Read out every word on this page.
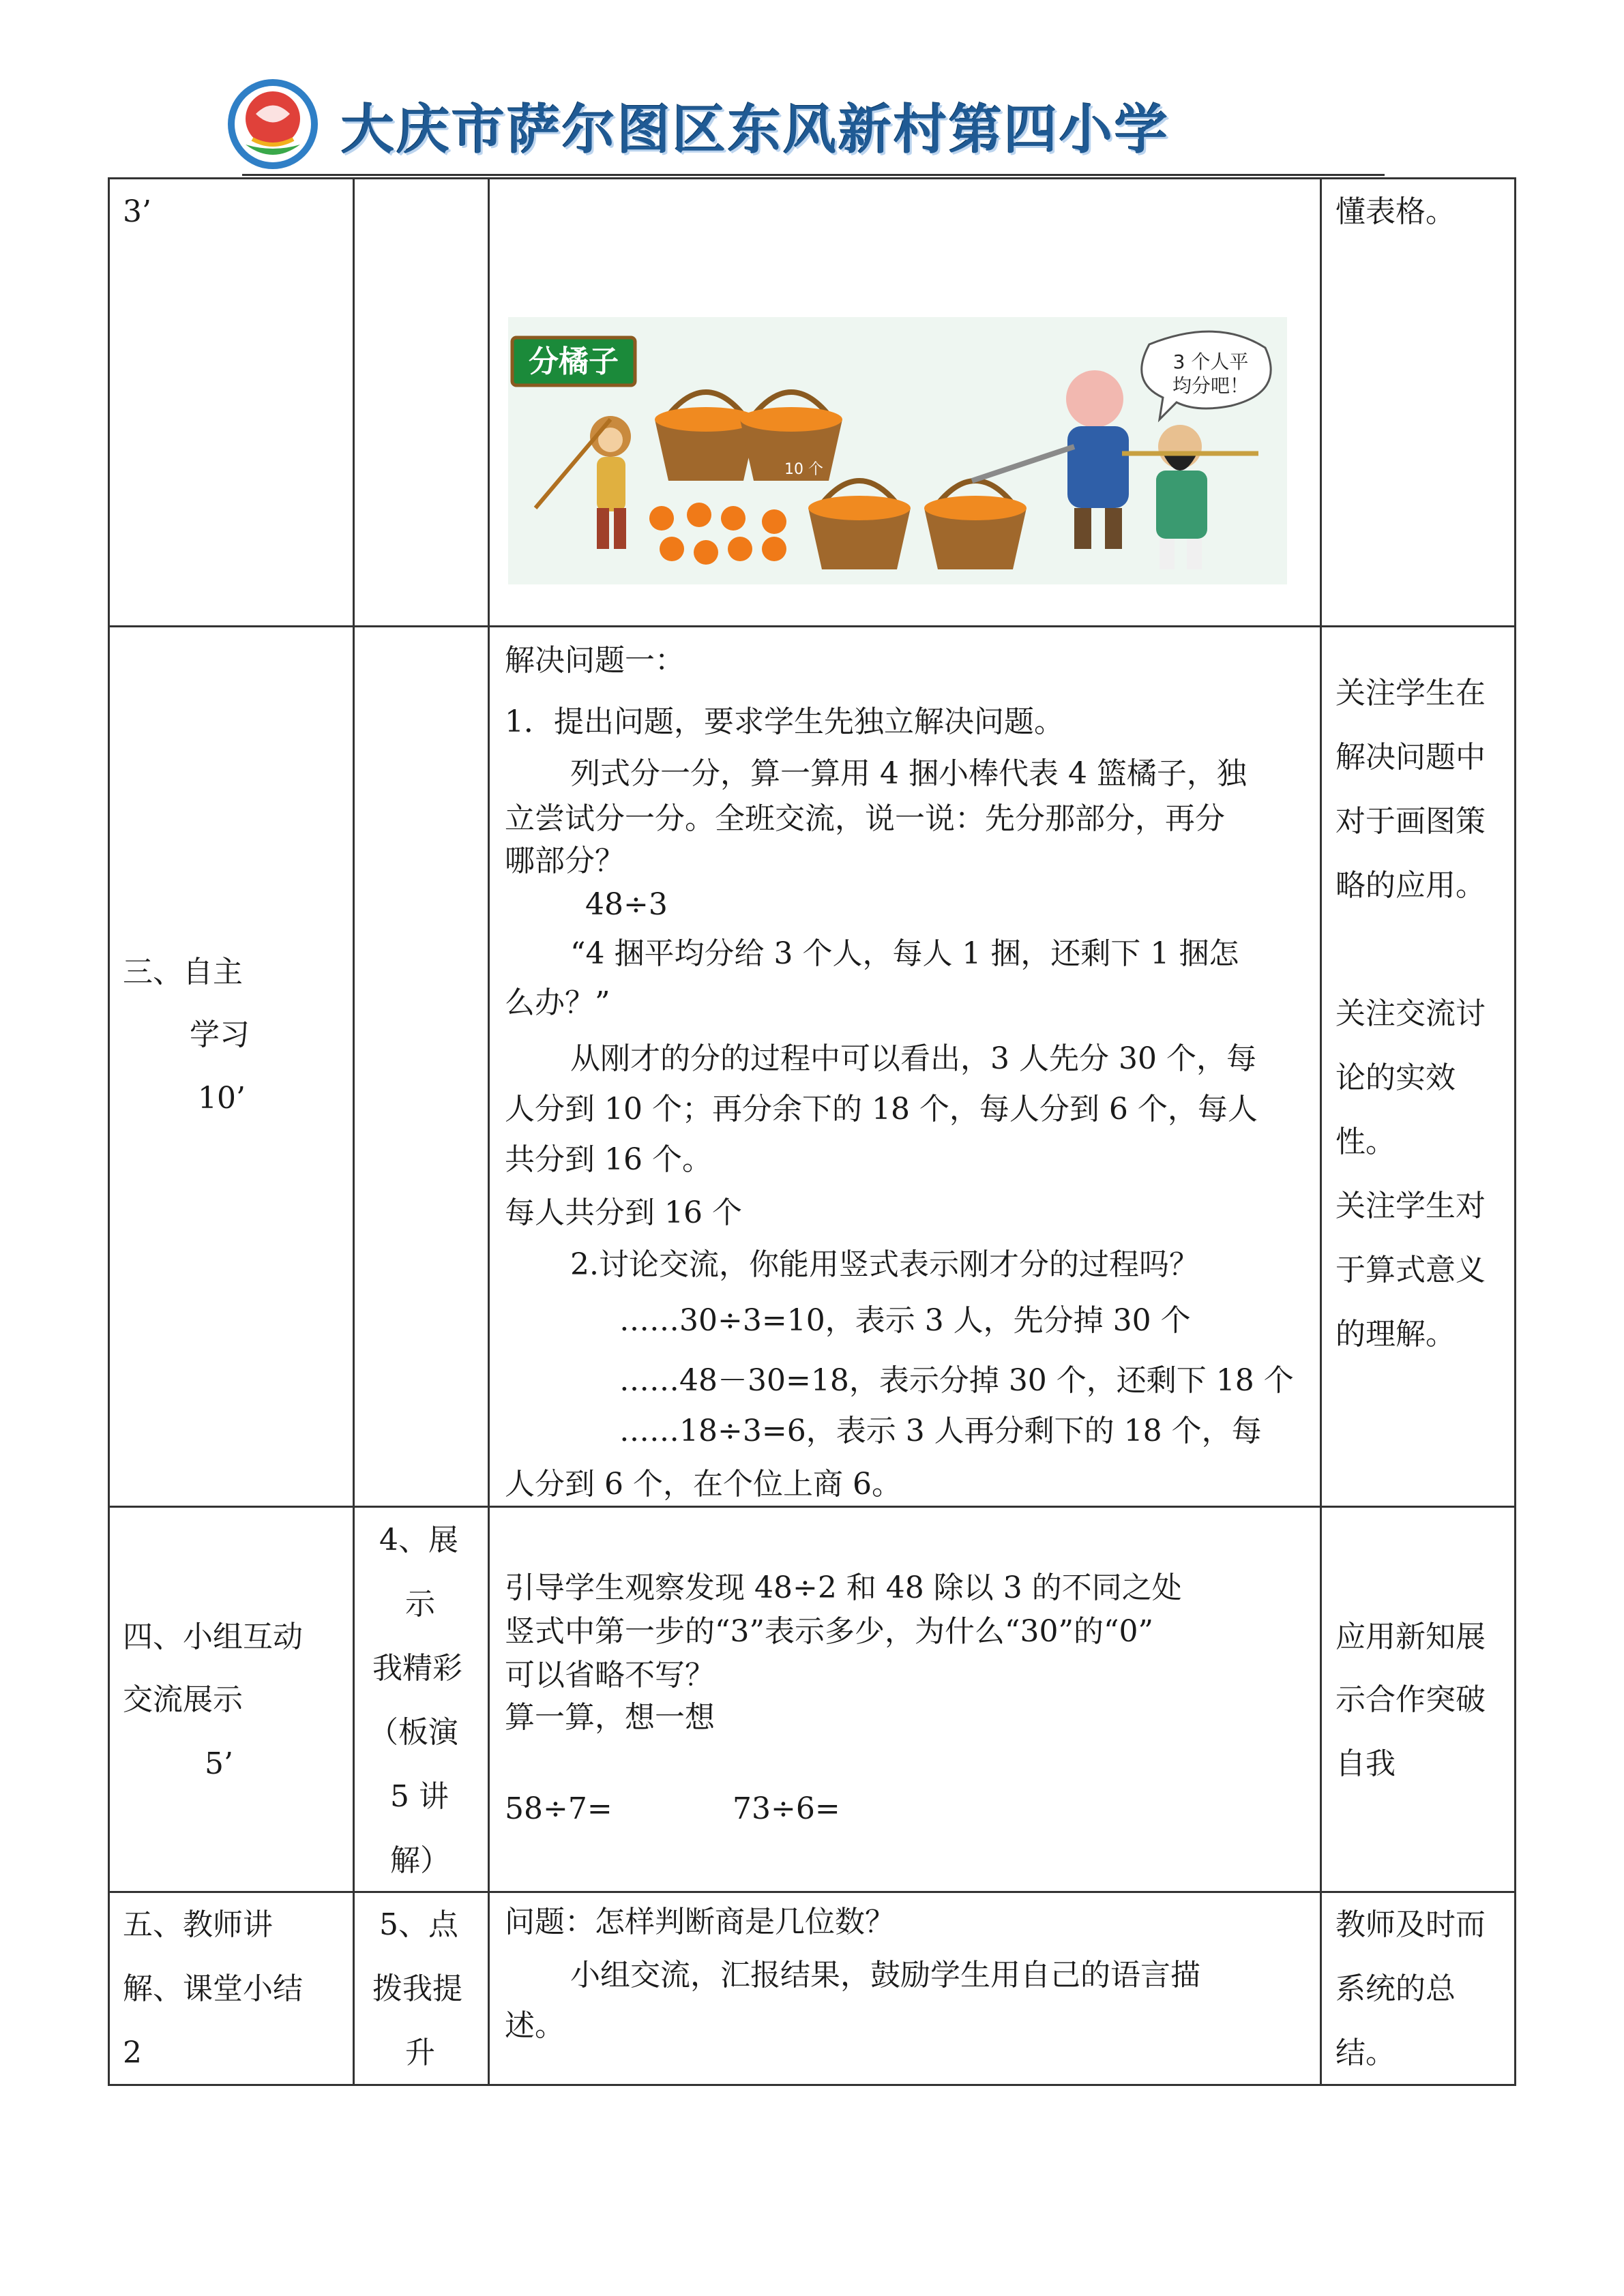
大庆市萨尔图区东风新村第四小学
3’	懂表格。
分橘子
10 个
3 个人平
均分吧！
三、自主
学习
10’
解决问题一：
1．提出问题，要求学生先独立解决问题。
列式分一分，算一算用 4 捆小棒代表 4 篮橘子，独
立尝试分一分。全班交流，说一说：先分那部分，再分
哪部分？
48÷3
“4 捆平均分给 3 个人，每人 1 捆，还剩下 1 捆怎
么办？”
从刚才的分的过程中可以看出，3 人先分 30 个，每
人分到 10 个；再分余下的 18 个，每人分到 6 个，每人
共分到 16 个。
每人共分到 16 个
2.讨论交流，你能用竖式表示刚才分的过程吗？
……30÷3=10，表示 3 人，先分掉 30 个
……48－30=18，表示分掉 30 个，还剩下 18 个
……18÷3=6，表示 3 人再分剩下的 18 个，每
人分到 6 个，在个位上商 6。
关注学生在
解决问题中
对于画图策
略的应用。
关注交流讨
论的实效
性。
关注学生对
于算式意义
的理解。
四、小组互动
交流展示
5’
4、展
示
我精彩
（板演
5 讲
解）
引导学生观察发现 48÷2 和 48 除以 3 的不同之处
竖式中第一步的“3”表示多少，为什么“30”的“0”
可以省略不写？
算一算，想一想
58÷7=	73÷6=
应用新知展
示合作突破
自我
五、教师讲
解、课堂小结
2
5、点
拨我提
升
问题：怎样判断商是几位数？
小组交流，汇报结果，鼓励学生用自己的语言描
述。
教师及时而
系统的总
结。
